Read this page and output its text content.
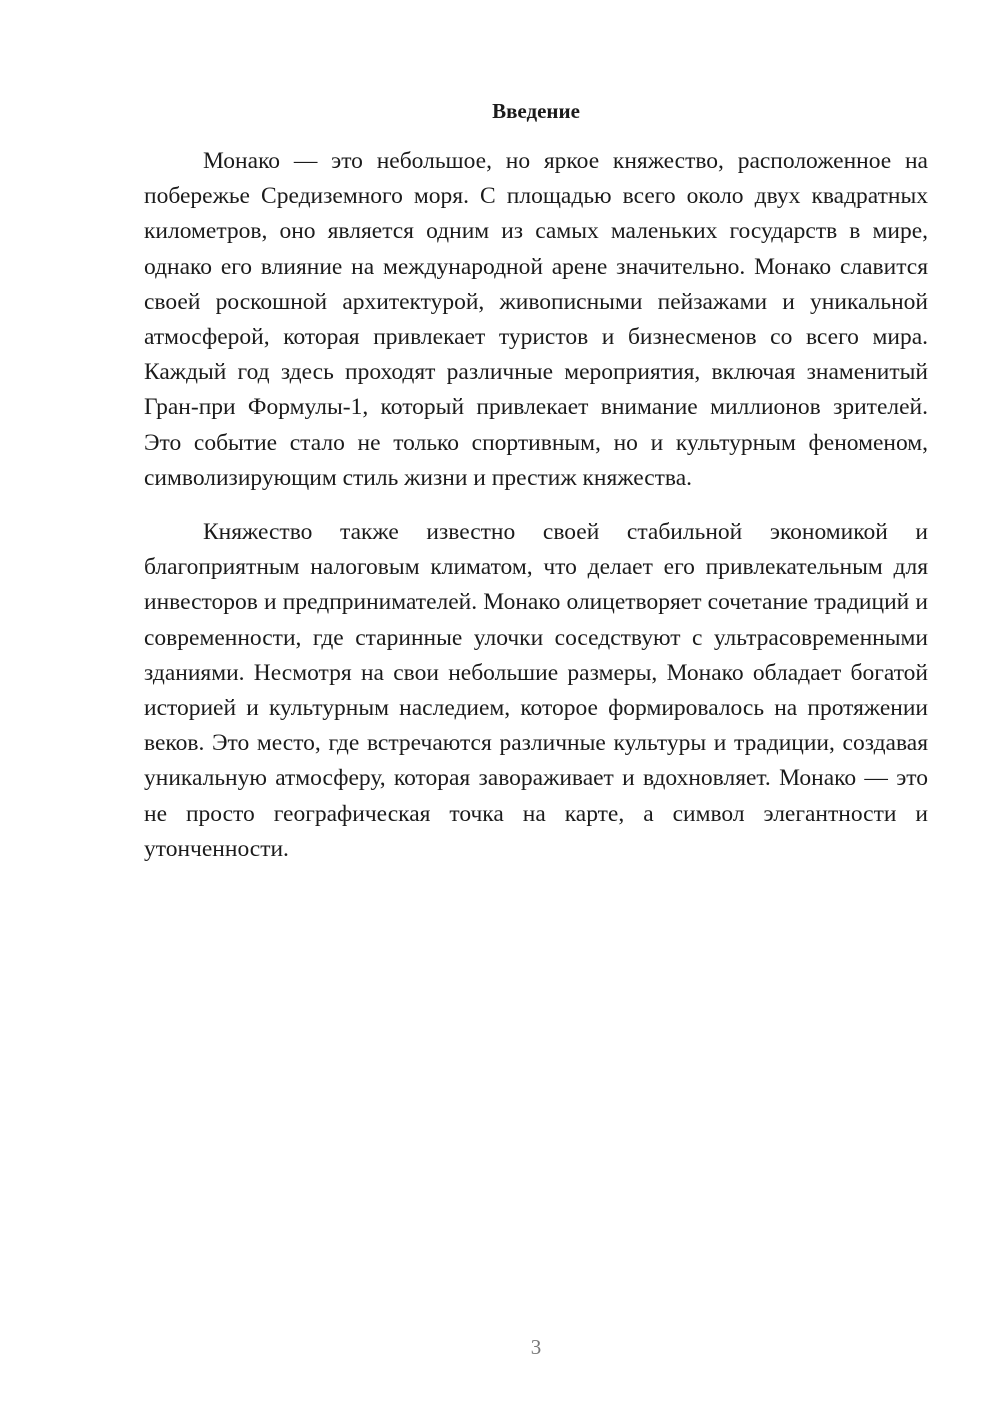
Введение

Монако — это небольшое, но яркое княжество, расположенное на побережье Средиземного моря. С площадью всего около двух квадратных километров, оно является одним из самых маленьких государств в мире, однако его влияние на международной арене значительно. Монако славится своей роскошной архитектурой, живописными пейзажами и уникальной атмосферой, которая привлекает туристов и бизнесменов со всего мира. Каждый год здесь проходят различные мероприятия, включая знаменитый Гран-при Формулы-1, который привлекает внимание миллионов зрителей. Это событие стало не только спортивным, но и культурным феноменом, символизирующим стиль жизни и престиж княжества.

Княжество также известно своей стабильной экономикой и благоприятным налоговым климатом, что делает его привлекательным для инвесторов и предпринимателей. Монако олицетворяет сочетание традиций и современности, где старинные улочки соседствуют с ультрасовременными зданиями. Несмотря на свои небольшие размеры, Монако обладает богатой историей и культурным наследием, которое формировалось на протяжении веков. Это место, где встречаются различные культуры и традиции, создавая уникальную атмосферу, которая завораживает и вдохновляет. Монако — это не просто географическая точка на карте, а символ элегантности и утонченности.

3
